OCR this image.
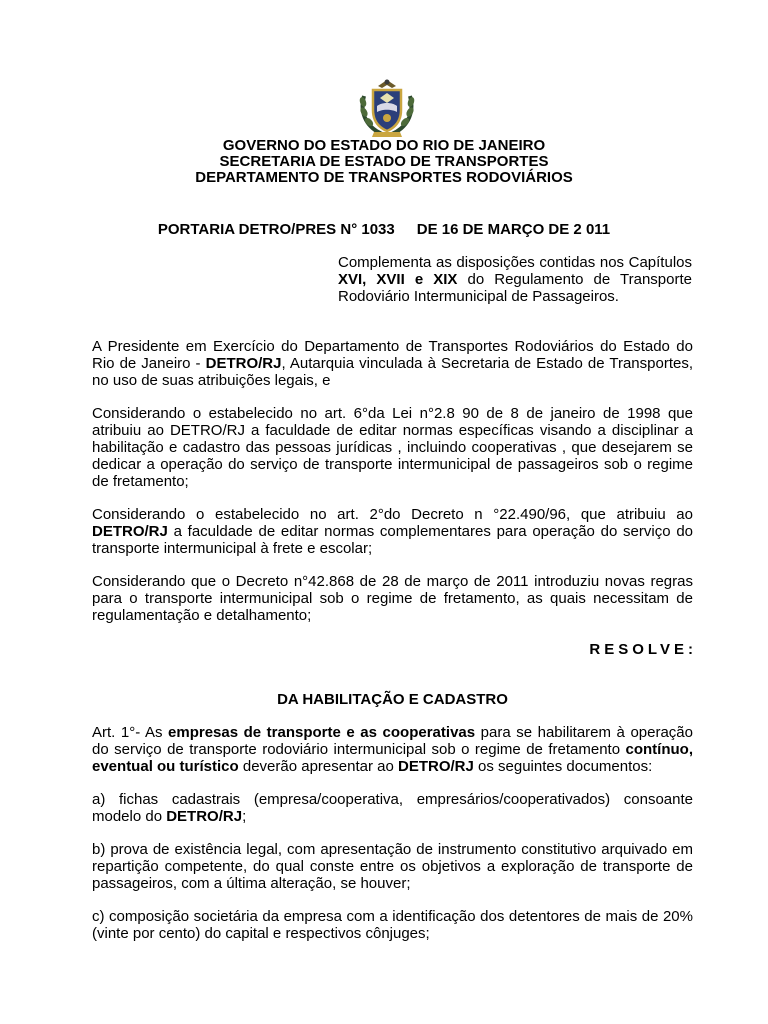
GOVERNO DO ESTADO DO RIO DE JANEIRO
SECRETARIA DE ESTADO DE TRANSPORTES
DEPARTAMENTO DE TRANSPORTES RODOVIÁRIOS
PORTARIA DETRO/PRES N° 1033 DE 16 DE MARÇO DE 2 011
Complementa as disposições contidas nos Capítulos XVI, XVII e XIX do Regulamento de Transporte Rodoviário Intermunicipal de Passageiros.

A Presidente em Exercício do Departamento de Transportes Rodoviários do Estado do Rio de Janeiro - DETRO/RJ, Autarquia vinculada à Secretaria de Estado de Transportes, no uso de suas atribuições legais, e

Considerando o estabelecido no art. 6°da Lei n°2.8 90 de 8 de janeiro de 1998 que atribuiu ao DETRO/RJ a faculdade de editar normas específicas visando a disciplinar a habilitação e cadastro das pessoas jurídicas , incluindo cooperativas , que desejarem se dedicar a operação do serviço de transporte intermunicipal de passageiros sob o regime de fretamento;

Considerando o estabelecido no art. 2°do Decreto n °22.490/96, que atribuiu ao DETRO/RJ a faculdade de editar normas complementares para operação do serviço do transporte intermunicipal à frete e escolar;

Considerando que o Decreto n°42.868 de 28 de março de 2011 introduziu novas regras para o transporte intermunicipal sob o regime de fretamento, as quais necessitam de regulamentação e detalhamento;

RESOLVE:

DA HABILITAÇÃO E CADASTRO

Art. 1°- As empresas de transporte e as cooperativas para se habilitarem à operação do serviço de transporte rodoviário intermunicipal sob o regime de fretamento contínuo, eventual ou turístico deverão apresentar ao DETRO/RJ os seguintes documentos:

a) fichas cadastrais (empresa/cooperativa, empresários/cooperativados) consoante modelo do DETRO/RJ;

b) prova de existência legal, com apresentação de instrumento constitutivo arquivado em repartição competente, do qual conste entre os objetivos a exploração de transporte de passageiros, com a última alteração, se houver;

c) composição societária da empresa com a identificação dos detentores de mais de 20% (vinte por cento) do capital e respectivos cônjuges;
